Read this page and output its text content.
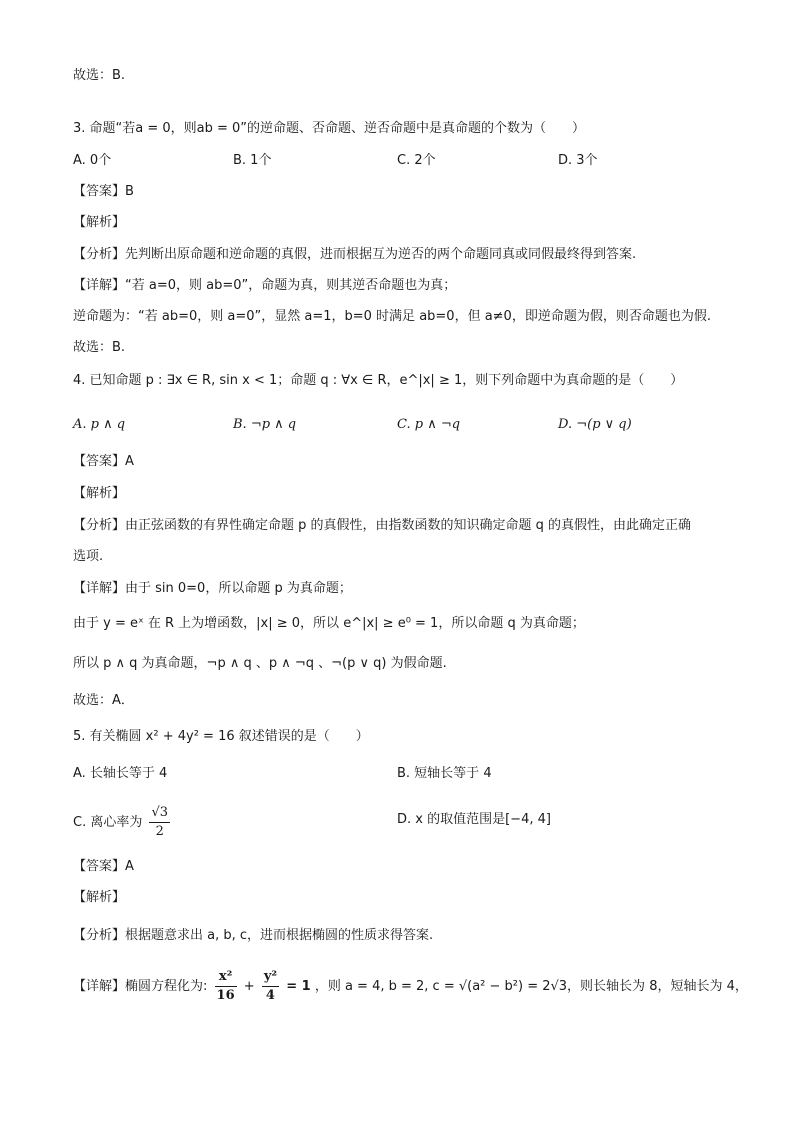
故选：B.
3. 命题“若a = 0，则ab = 0”的逆命题、否命题、逆否命题中是真命题的个数为（　　）
A. 0个	B. 1个	C. 2个	D. 3个
【答案】B
【解析】
【分析】先判断出原命题和逆命题的真假，进而根据互为逆否的两个命题同真或同假最终得到答案.
【详解】“若 a=0，则 ab=0”，命题为真，则其逆否命题也为真；
逆命题为：“若 ab=0，则 a=0”，显然 a=1，b=0 时满足 ab=0，但 a≠0，即逆命题为假，则否命题也为假.
故选：B.
4. 已知命题 p : ∃x ∈ R, sin x < 1；命题 q : ∀x ∈ R，e^|x| ≥ 1，则下列命题中为真命题的是（　　）
A. p ∧ q	B. ¬p ∧ q	C. p ∧ ¬q	D. ¬(p ∨ q)
【答案】A
【解析】
【分析】由正弦函数的有界性确定命题 p 的真假性，由指数函数的知识确定命题 q 的真假性，由此确定正确
选项.
【详解】由于 sin 0=0，所以命题 p 为真命题；
由于 y = eˣ 在 R 上为增函数，|x| ≥ 0，所以 e^|x| ≥ e⁰ = 1，所以命题 q 为真命题；
所以 p ∧ q 为真命题，¬p ∧ q 、p ∧ ¬q 、¬(p ∨ q) 为假命题.
故选：A．
5. 有关椭圆 x² + 4y² = 16 叙述错误的是（　　）
A. 长轴长等于 4	B. 短轴长等于 4
C. 离心率为 $\frac{√3}{2}$	D. x 的取值范围是[−4, 4]
【答案】A
【解析】
【分析】根据题意求出 a, b, c，进而根据椭圆的性质求得答案.
【详解】椭圆方程化为: $\frac{\text{x²}}{16} + \frac{\text{y²}}{4} = 1$ ，则 a = 4, b = 2, c = √(a² − b²) = 2√3，则长轴长为 8，短轴长为 4，
